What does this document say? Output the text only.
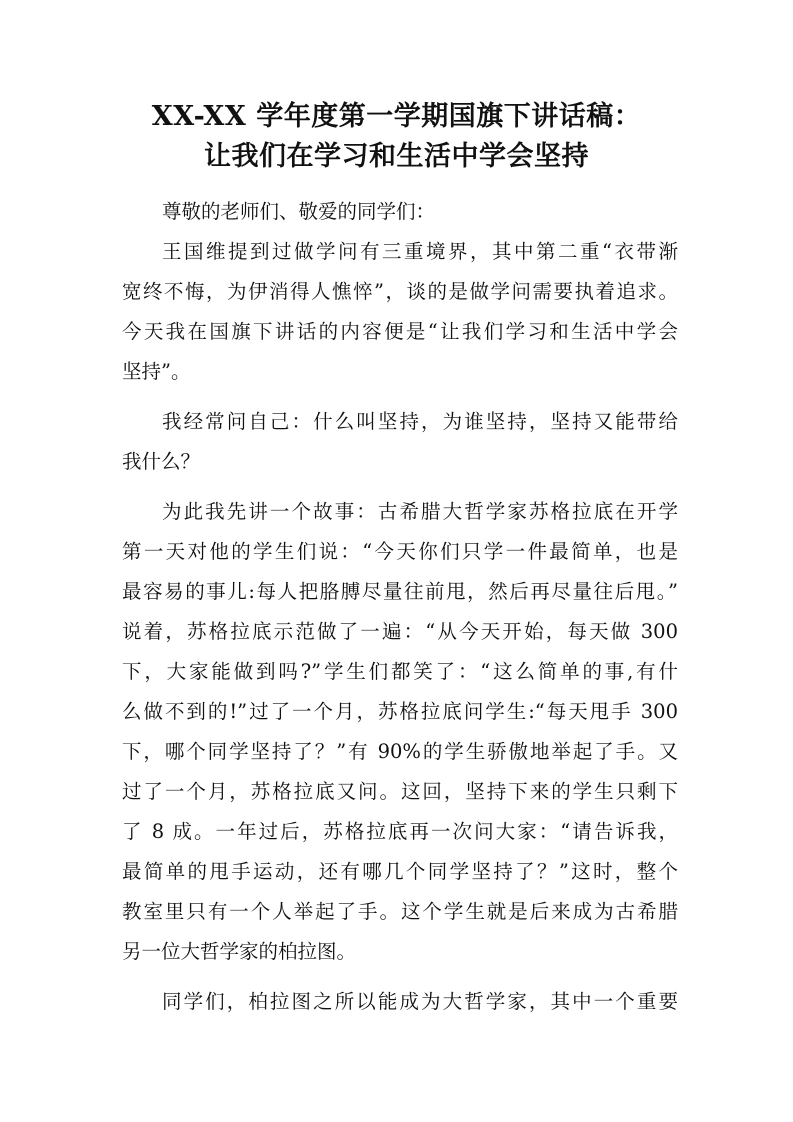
XX-XX 学年度第一学期国旗下讲话稿：
让我们在学习和生活中学会坚持
尊敬的老师们、敬爱的同学们：
王国维提到过做学问有三重境界，其中第二重“衣带渐
宽终不悔，为伊消得人憔悴”，谈的是做学问需要执着追求。
今天我在国旗下讲话的内容便是“让我们学习和生活中学会
坚持”。
我经常问自己：什么叫坚持，为谁坚持，坚持又能带给
我什么？
为此我先讲一个故事：古希腊大哲学家苏格拉底在开学
第一天对他的学生们说：“今天你们只学一件最简单，也是
最容易的事儿:每人把胳膊尽量往前甩，然后再尽量往后甩。”
说着，苏格拉底示范做了一遍：“从今天开始，每天做 300
下，大家能做到吗?”学生们都笑了：“这么简单的事,有什
么做不到的!”过了一个月，苏格拉底问学生:“每天甩手 300
下，哪个同学坚持了？”有 90%的学生骄傲地举起了手。又
过了一个月，苏格拉底又问。这回，坚持下来的学生只剩下
了 8 成。一年过后，苏格拉底再一次问大家：“请告诉我，
最简单的甩手运动，还有哪几个同学坚持了？”这时，整个
教室里只有一个人举起了手。这个学生就是后来成为古希腊
另一位大哲学家的柏拉图。
同学们，柏拉图之所以能成为大哲学家，其中一个重要
